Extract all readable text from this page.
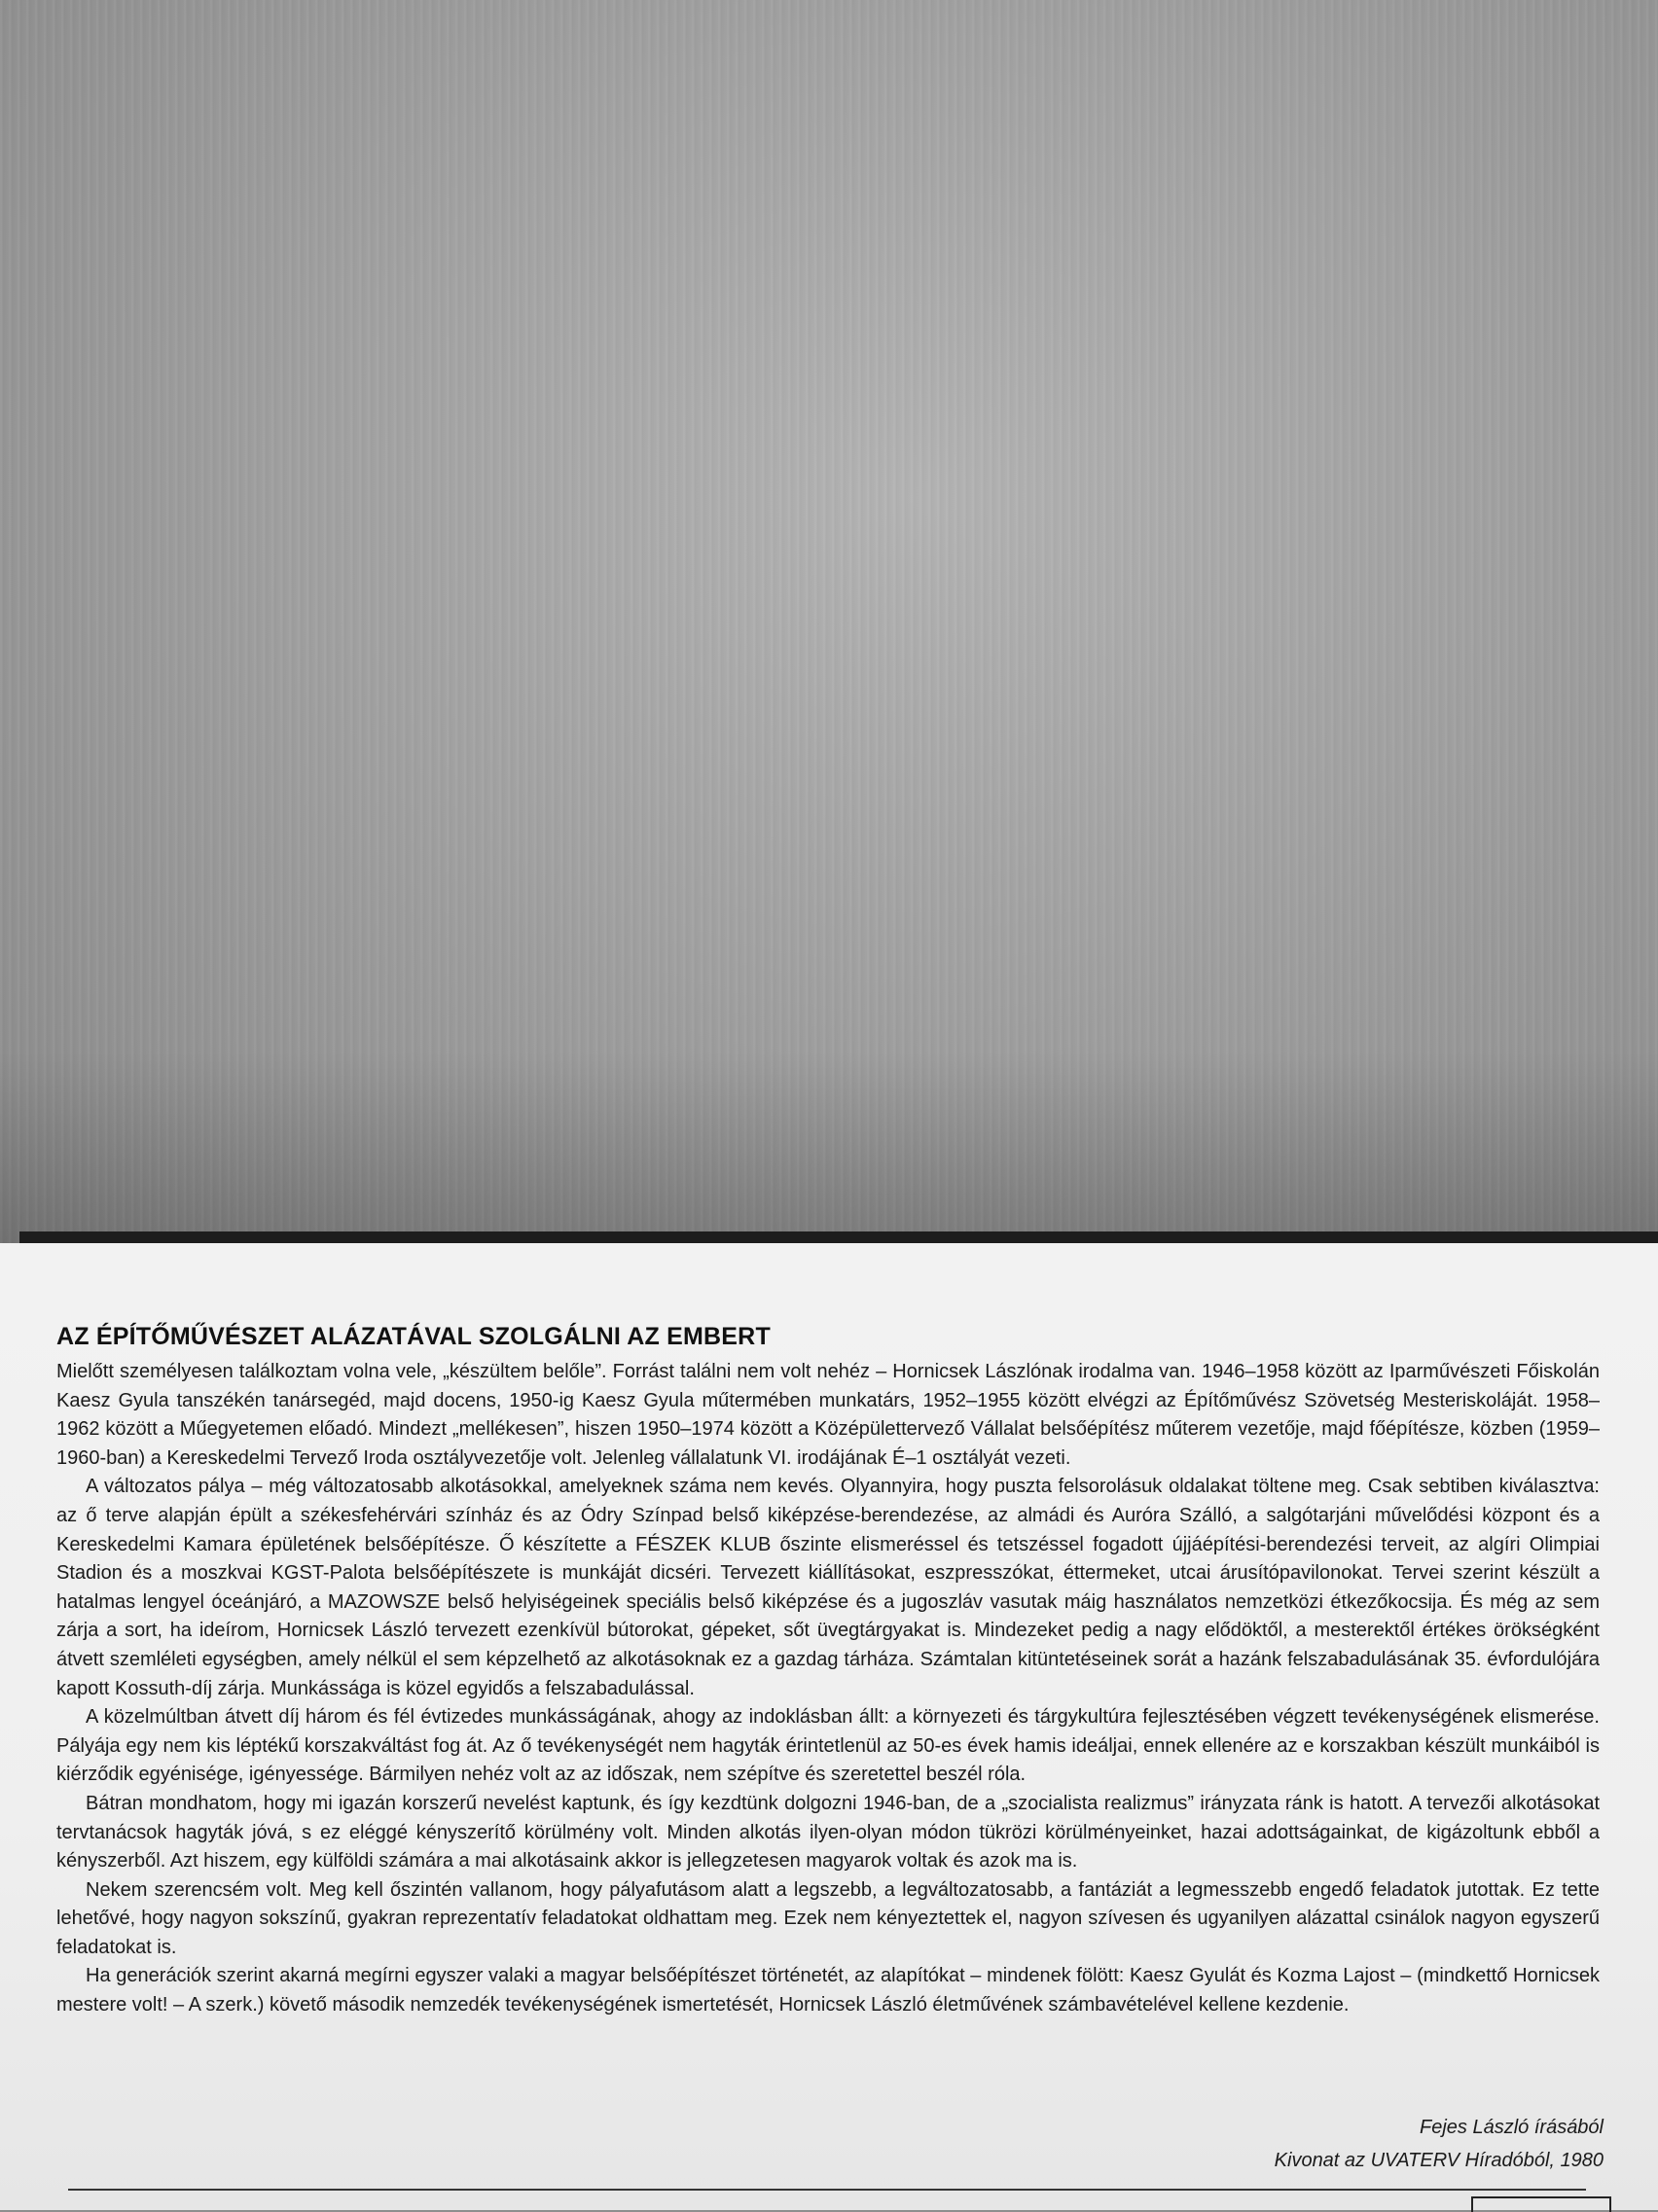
AZ ÉPÍTŐMŰVÉSZET ALÁZATÁVAL SZOLGÁLNI AZ EMBERT

Mielőtt személyesen találkoztam volna vele, „készültem belőle”. Forrást találni nem volt nehéz – Hornicsek Lászlónak irodalma van. 1946–1958 között az Iparművészeti Főiskolán Kaesz Gyula tanszékén tanársegéd, majd docens, 1950-ig Kaesz Gyula műtermében munkatárs, 1952–1955 között elvégzi az Építőművész Szövetség Mesteriskoláját. 1958–1962 között a Műegyetemen előadó. Mindezt „mellékesen”, hiszen 1950–1974 között a Középülettervező Vállalat belsőépítész műterem vezetője, majd főépítésze, közben (1959–1960-ban) a Kereskedelmi Tervező Iroda osztályvezetője volt. Jelenleg vállalatunk VI. irodájának É–1 osztályát vezeti.

A változatos pálya – még változatosabb alkotásokkal, amelyeknek száma nem kevés. Olyannyira, hogy puszta felsorolásuk oldalakat töltene meg. Csak sebtiben kiválasztva: az ő terve alapján épült a székesfehérvári színház és az Ódry Színpad belső kiképzése-berendezése, az almádi és Auróra Szálló, a salgótarjáni művelődési központ és a Kereskedelmi Kamara épületének belsőépítésze. Ő készítette a FÉSZEK KLUB őszinte elismeréssel és tetszéssel fogadott újjáépítési-berendezési terveit, az algíri Olimpiai Stadion és a moszkvai KGST-Palota belsőépítészete is munkáját dicséri. Tervezett kiállításokat, eszpresszókat, éttermeket, utcai árusítópavilonokat. Tervei szerint készült a hatalmas lengyel óceánjáró, a MAZOWSZE belső helyiségeinek speciális belső kiképzése és a jugoszláv vasutak máig használatos nemzetközi étkezőkocsija. És még az sem zárja a sort, ha ideírom, Hornicsek László tervezett ezenkívül bútorokat, gépeket, sőt üvegtárgyakat is. Mindezeket pedig a nagy elődöktől, a mesterektől értékes örökségként átvett szemléleti egységben, amely nélkül el sem képzelhető az alkotásoknak ez a gazdag tárháza. Számtalan kitüntetéseinek sorát a hazánk felszabadulásának 35. évfordulójára kapott Kossuth-díj zárja. Munkássága is közel egyidős a felszabadulással.

A közelmúltban átvett díj három és fél évtizedes munkásságának, ahogy az indoklásban állt: a környezeti és tárgykultúra fejlesztésében végzett tevékenységének elismerése. Pályája egy nem kis léptékű korszakváltást fog át. Az ő tevékenységét nem hagyták érintetlenül az 50-es évek hamis ideáljai, ennek ellenére az e korszakban készült munkáiból is kiérződik egyénisége, igényessége. Bármilyen nehéz volt az az időszak, nem szépítve és szeretettel beszél róla.

Bátran mondhatom, hogy mi igazán korszerű nevelést kaptunk, és így kezdtünk dolgozni 1946-ban, de a „szocialista realizmus” irányzata ránk is hatott. A tervezői alkotásokat tervtanácsok hagyták jóvá, s ez eléggé kényszerítő körülmény volt. Minden alkotás ilyen-olyan módon tükrözi körülményeinket, hazai adottságainkat, de kigázoltunk ebből a kényszerből. Azt hiszem, egy külföldi számára a mai alkotásaink akkor is jellegzetesen magyarok voltak és azok ma is.

Nekem szerencsém volt. Meg kell őszintén vallanom, hogy pályafutásom alatt a legszebb, a legváltozatosabb, a fantáziát a legmesszebb engedő feladatok jutottak. Ez tette lehetővé, hogy nagyon sokszínű, gyakran reprezentatív feladatokat oldhattam meg. Ezek nem kényeztettek el, nagyon szívesen és ugyanilyen alázattal csinálok nagyon egyszerű feladatokat is.

Ha generációk szerint akarná megírni egyszer valaki a magyar belsőépítészet történetét, az alapítókat – mindenek fölött: Kaesz Gyulát és Kozma Lajost – (mindkettő Hornicsek mestere volt! – A szerk.) követő második nemzedék tevékenységének ismertetését, Hornicsek László életművének számbavételével kellene kezdenie.

Fejes László írásából
Kivonat az UVATERV Híradóból, 1980
